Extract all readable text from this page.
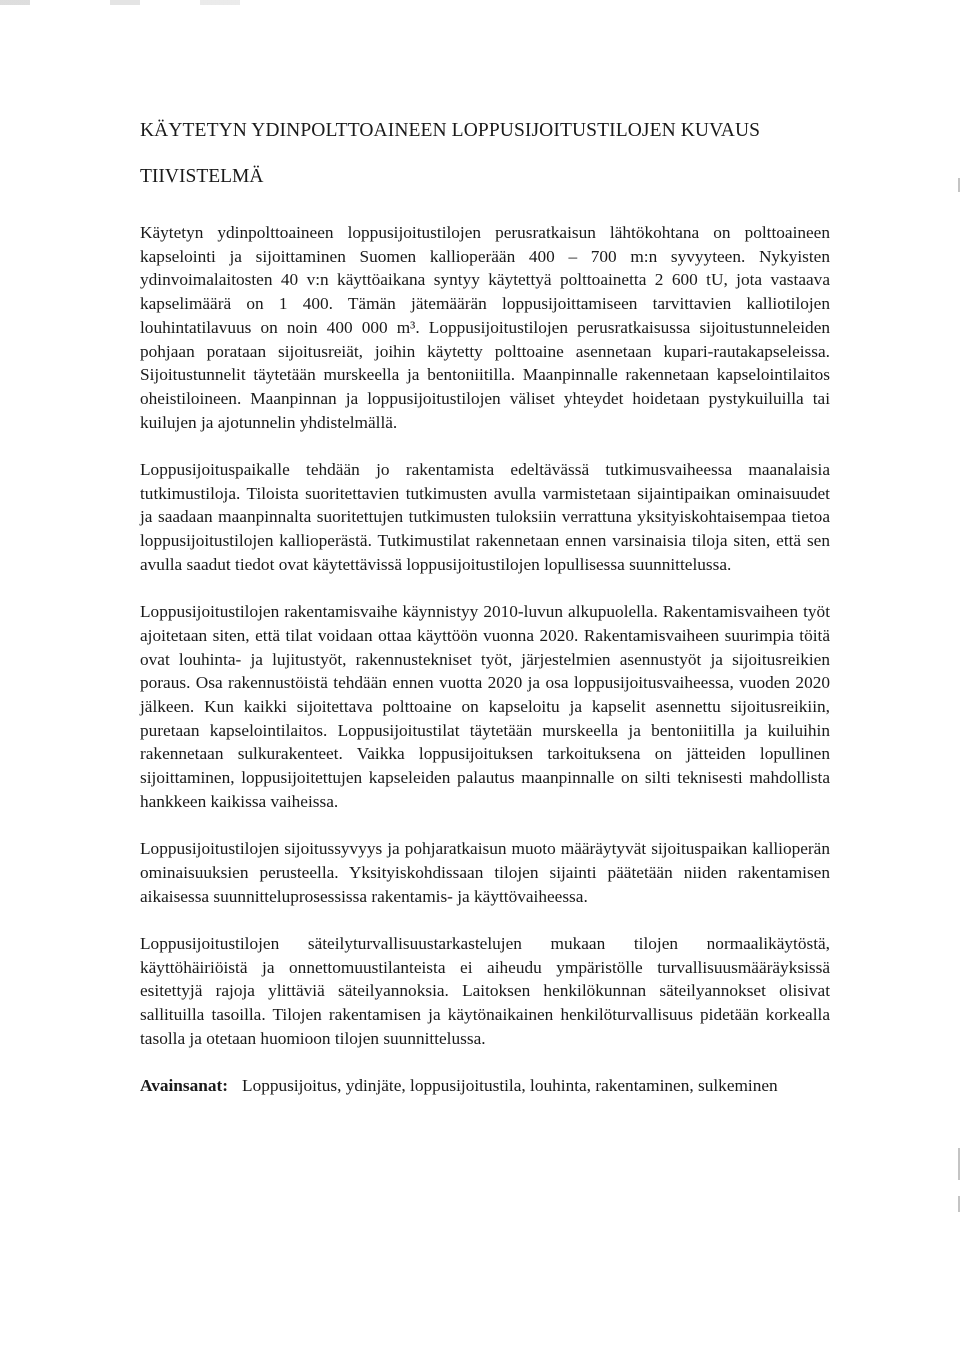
KÄYTETYN YDINPOLTTOAINEEN LOPPUSIJOITUSTILOJEN KUVAUS
TIIVISTELMÄ

Käytetyn ydinpolttoaineen loppusijoitustilojen perusratkaisun lähtökohtana on polttoaineen kapselointi ja sijoittaminen Suomen kallioperään 400 – 700 m:n syvyyteen. Nykyisten ydinvoimalaitosten 40 v:n käyttöaikana syntyy käytettyä polttoainetta 2 600 tU, jota vastaava kapselimäärä on 1 400. Tämän jätemäärän loppusijoittamiseen tarvittavien kalliotilojen louhintatilavuus on noin 400 000 m³. Loppusijoitustilojen perusratkaisussa sijoitustunneleiden pohjaan porataan sijoitusreiät, joihin käytetty polttoaine asennetaan kupari-rautakapseleissa. Sijoitustunnelit täytetään murskeella ja bentoniitilla. Maanpinnalle rakennetaan kapselointilaitos oheistiloineen. Maanpinnan ja loppusijoitustilojen väliset yhteydet hoidetaan pystykuiluilla tai kuilujen ja ajotunnelin yhdistelmällä.

Loppusijoituspaikalle tehdään jo rakentamista edeltävässä tutkimusvaiheessa maanalaisia tutkimustiloja. Tiloista suoritettavien tutkimusten avulla varmistetaan sijaintipaikan ominaisuudet ja saadaan maanpinnalta suoritettujen tutkimusten tuloksiin verrattuna yksityiskohtaisempaa tietoa loppusijoitustilojen kallioperästä. Tutkimustilat rakennetaan ennen varsinaisia tiloja siten, että sen avulla saadut tiedot ovat käytettävissä loppusijoitustilojen lopullisessa suunnittelussa.

Loppusijoitustilojen rakentamisvaihe käynnistyy 2010-luvun alkupuolella. Rakentamisvaiheen työt ajoitetaan siten, että tilat voidaan ottaa käyttöön vuonna 2020. Rakentamisvaiheen suurimpia töitä ovat louhinta- ja lujitustyöt, rakennustekniset työt, järjestelmien asennustyöt ja sijoitusreikien poraus. Osa rakennustöistä tehdään ennen vuotta 2020 ja osa loppusijoitusvaiheessa, vuoden 2020 jälkeen. Kun kaikki sijoitettava polttoaine on kapseloitu ja kapselit asennettu sijoitusreikiin, puretaan kapselointilaitos. Loppusijoitustilat täytetään murskeella ja bentoniitilla ja kuiluihin rakennetaan sulkurakenteet. Vaikka loppusijoituksen tarkoituksena on jätteiden lopullinen sijoittaminen, loppusijoitettujen kapseleiden palautus maanpinnalle on silti teknisesti mahdollista hankkeen kaikissa vaiheissa.

Loppusijoitustilojen sijoitussyvyys ja pohjaratkaisun muoto määräytyvät sijoituspaikan kallioperän ominaisuuksien perusteella. Yksityiskohdissaan tilojen sijainti päätetään niiden rakentamisen aikaisessa suunnitteluprosessissa rakentamis- ja käyttövaiheessa.

Loppusijoitustilojen säteilyturvallisuustarkastelujen mukaan tilojen normaalikäytöstä, käyttöhäiriöistä ja onnettomuustilanteista ei aiheudu ympäristölle turvallisuusmääräyksissä esitettyjä rajoja ylittäviä säteilyannoksia. Laitoksen henkilökunnan säteilyannokset olisivat sallituilla tasoilla. Tilojen rakentamisen ja käytönaikainen henkilöturvallisuus pidetään korkealla tasolla ja otetaan huomioon tilojen suunnittelussa.

Avainsanat: Loppusijoitus, ydinjäte, loppusijoitustila, louhinta, rakentaminen, sulkeminen
